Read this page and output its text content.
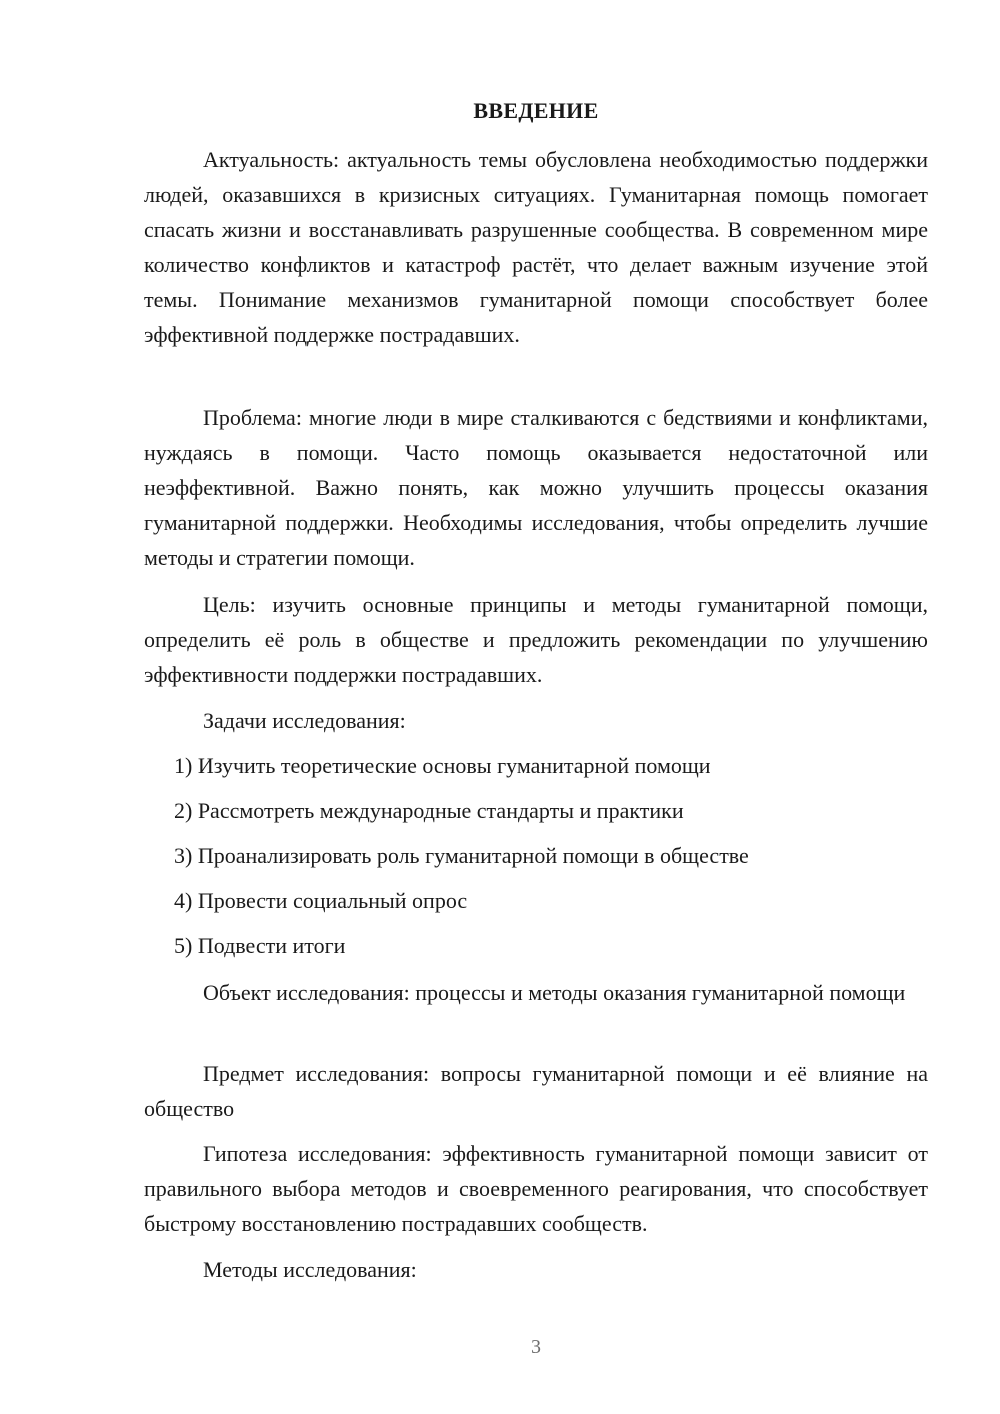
ВВЕДЕНИЕ

Актуальность: актуальность темы обусловлена необходимостью поддержки людей, оказавшихся в кризисных ситуациях. Гуманитарная помощь помогает спасать жизни и восстанавливать разрушенные сообщества. В современном мире количество конфликтов и катастроф растёт, что делает важным изучение этой темы. Понимание механизмов гуманитарной помощи способствует более эффективной поддержке пострадавших.

Проблема: многие люди в мире сталкиваются с бедствиями и конфликтами, нуждаясь в помощи. Часто помощь оказывается недостаточной или неэффективной. Важно понять, как можно улучшить процессы оказания гуманитарной поддержки. Необходимы исследования, чтобы определить лучшие методы и стратегии помощи.

Цель: изучить основные принципы и методы гуманитарной помощи, определить её роль в обществе и предложить рекомендации по улучшению эффективности поддержки пострадавших.

Задачи исследования:

1) Изучить теоретические основы гуманитарной помощи

2) Рассмотреть международные стандарты и практики

3) Проанализировать роль гуманитарной помощи в обществе

4) Провести социальный опрос

5) Подвести итоги

Объект исследования: процессы и методы оказания гуманитарной помощи

Предмет исследования: вопросы гуманитарной помощи и её влияние на общество

Гипотеза исследования: эффективность гуманитарной помощи зависит от правильного выбора методов и своевременного реагирования, что способствует быстрому восстановлению пострадавших сообществ.

Методы исследования:

3
